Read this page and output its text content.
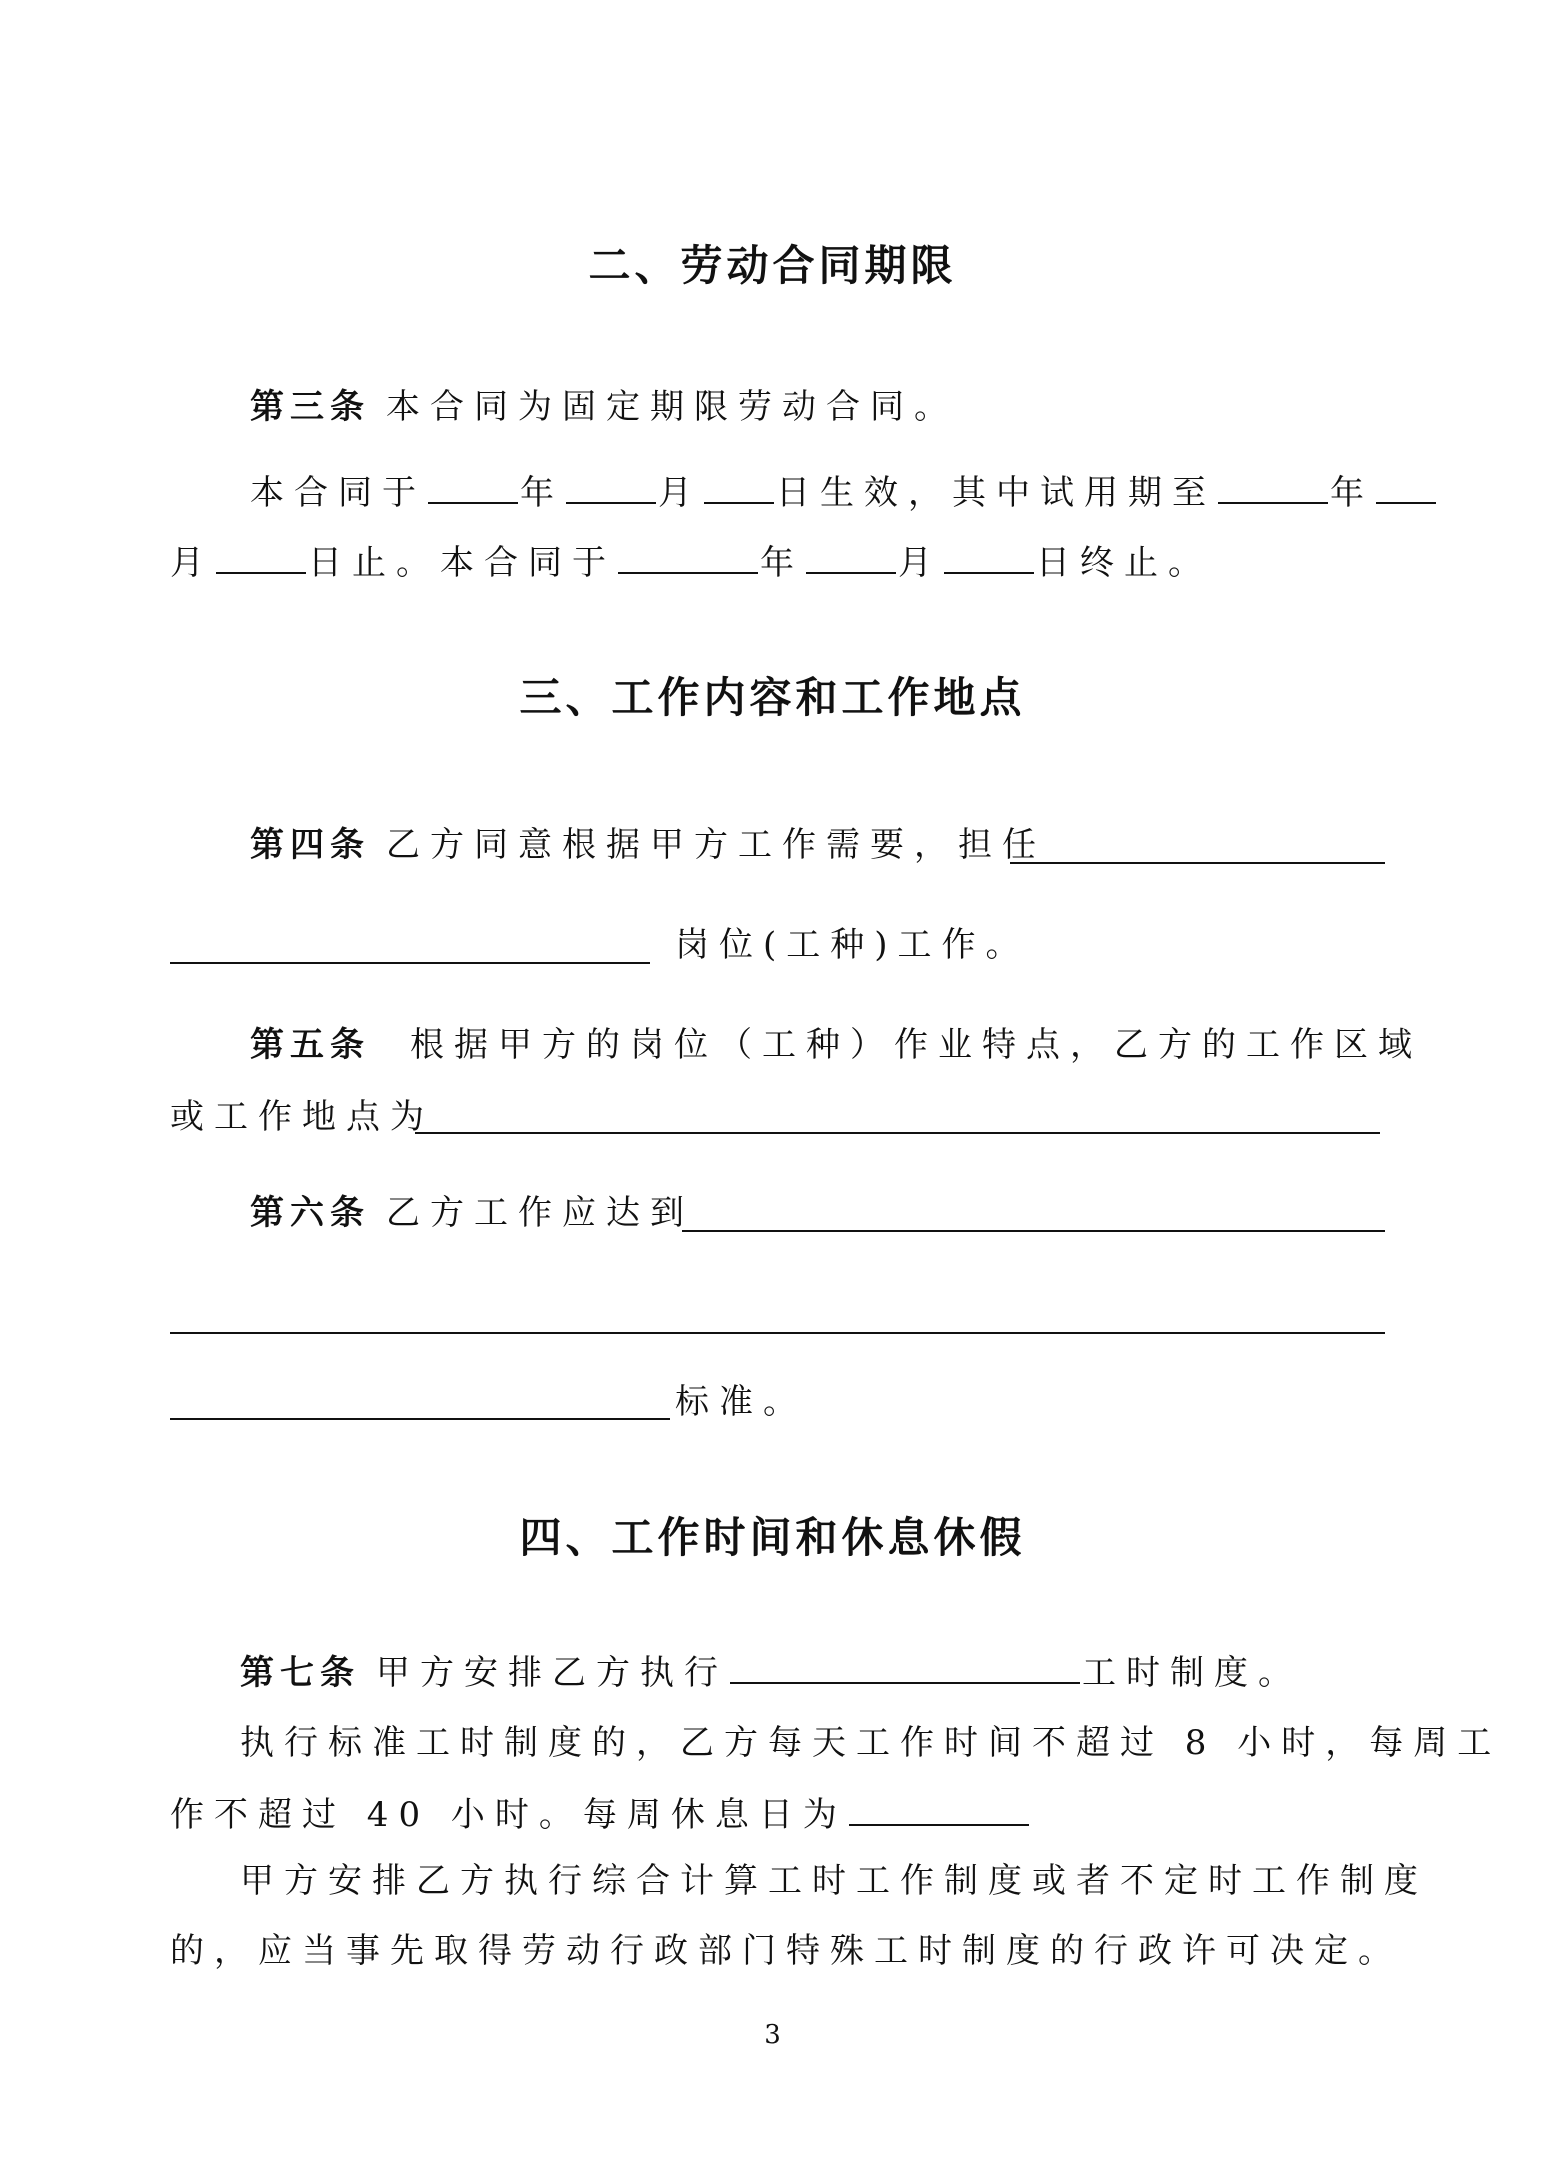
二、劳动合同期限
第三条 本合同为固定期限劳动合同。
本合同于	年	月 日生效，其中试用期至	年
月	日止。本合同于	年	月	日终止。
三、工作内容和工作地点
第四条 乙方同意根据甲方工作需要，担任
岗位(工种)工作。
第五条 根据甲方的岗位（工种）作业特点，乙方的工作区域
或工作地点为
第六条 乙方工作应达到
标准。
四、工作时间和休息休假
第七条 甲方安排乙方执行	工时制度。
执行标准工时制度的，乙方每天工作时间不超过 8 小时，每周工
作不超过 40 小时。每周休息日为
甲方安排乙方执行综合计算工时工作制度或者不定时工作制度
的，应当事先取得劳动行政部门特殊工时制度的行政许可决定。
3
